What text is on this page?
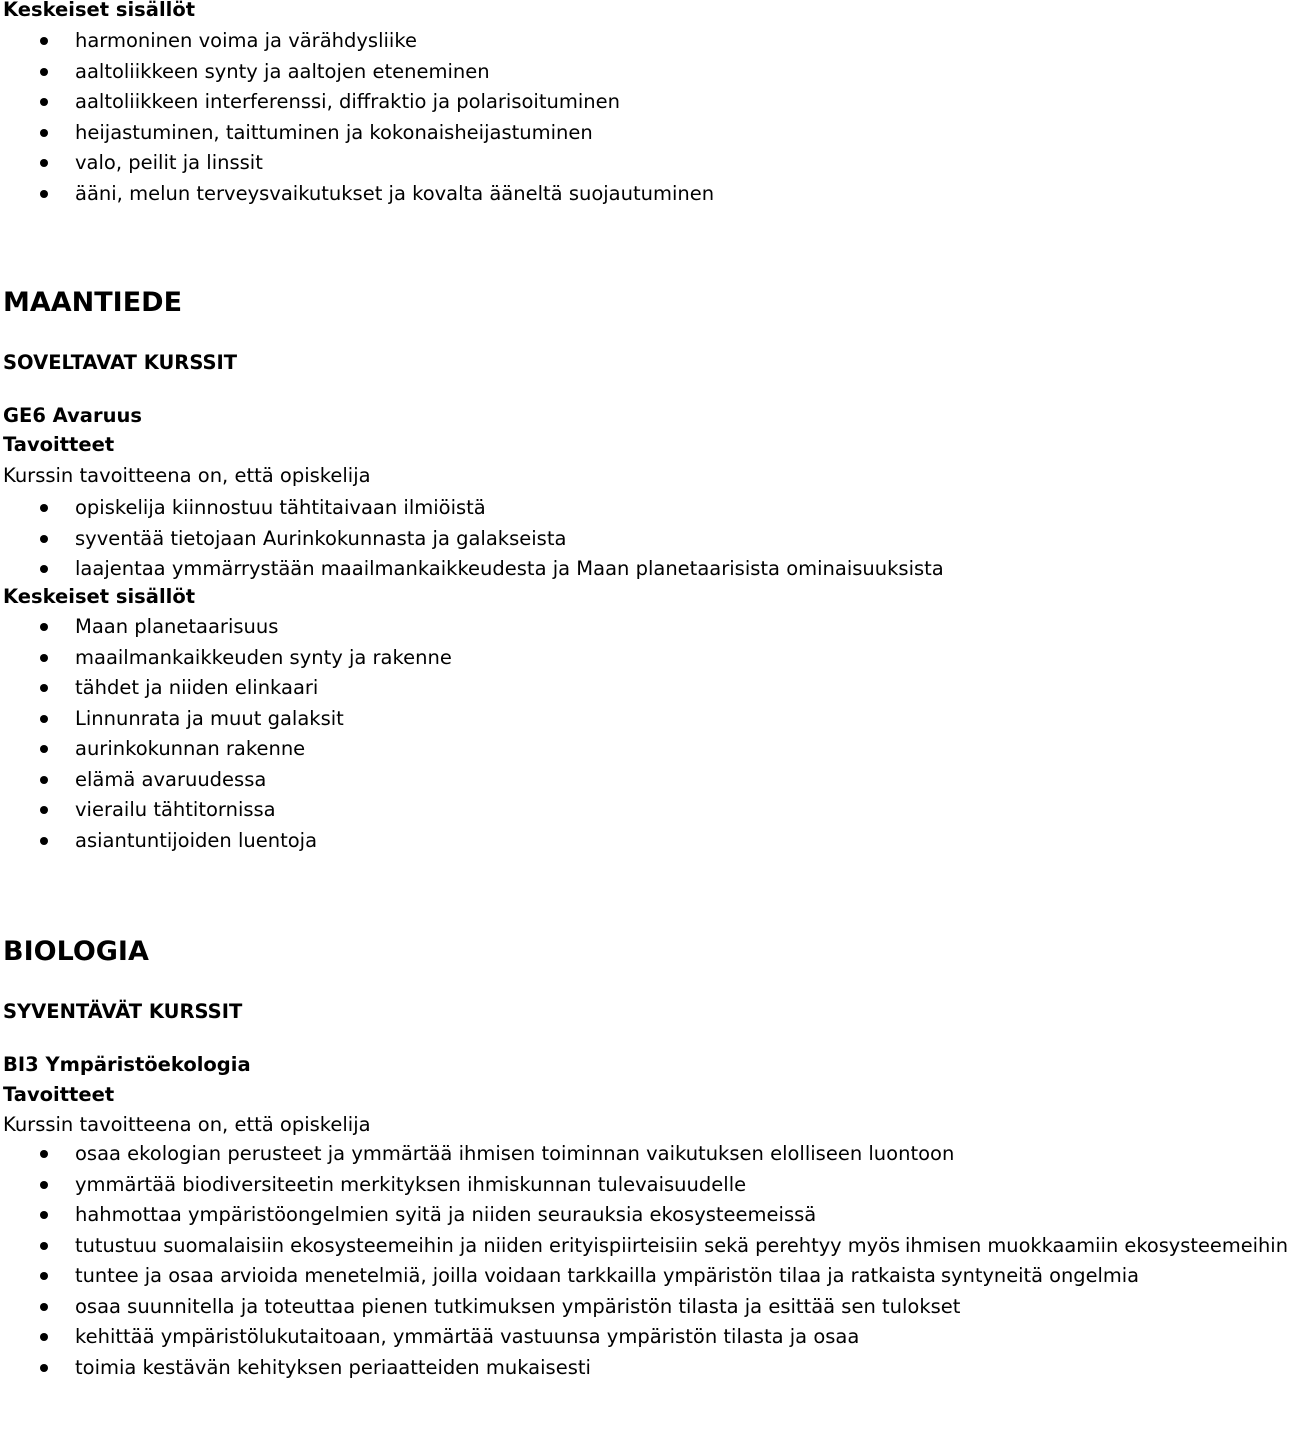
Keskeiset sisällöt
harmoninen voima ja värähdysliike
aaltoliikkeen synty ja aaltojen eteneminen
aaltoliikkeen interferenssi, diffraktio ja polarisoituminen
heijastuminen, taittuminen ja kokonaisheijastuminen
valo, peilit ja linssit
ääni, melun terveysvaikutukset ja kovalta ääneltä suojautuminen
MAANTIEDE
SOVELTAVAT KURSSIT
GE6 Avaruus
Tavoitteet
Kurssin tavoitteena on, että opiskelija
opiskelija kiinnostuu tähtitaivaan ilmiöistä
syventää tietojaan Aurinkokunnasta ja galakseista
laajentaa ymmärrystään maailmankaikkeudesta ja Maan planetaarisista ominaisuuksista
Keskeiset sisällöt
Maan planetaarisuus
maailmankaikkeuden synty ja rakenne
tähdet ja niiden elinkaari
Linnunrata ja muut galaksit
aurinkokunnan rakenne
elämä avaruudessa
vierailu tähtitornissa
asiantuntijoiden luentoja
BIOLOGIA
SYVENTÄVÄT KURSSIT
BI3 Ympäristöekologia
Tavoitteet
Kurssin tavoitteena on, että opiskelija
osaa ekologian perusteet ja ymmärtää ihmisen toiminnan vaikutuksen elolliseen luontoon
ymmärtää biodiversiteetin merkityksen ihmiskunnan tulevaisuudelle
hahmottaa ympäristöongelmien syitä ja niiden seurauksia ekosysteemeissä
tutustuu suomalaisiin ekosysteemeihin ja niiden erityispiirteisiin sekä perehtyy myös ihmisen muokkaamiin ekosysteemeihin
tuntee ja osaa arvioida menetelmiä, joilla voidaan tarkkailla ympäristön tilaa ja ratkaista syntyneitä ongelmia
osaa suunnitella ja toteuttaa pienen tutkimuksen ympäristön tilasta ja esittää sen tulokset
kehittää ympäristölukutaitoaan, ymmärtää vastuunsa ympäristön tilasta ja osaa
toimia kestävän kehityksen periaatteiden mukaisesti
